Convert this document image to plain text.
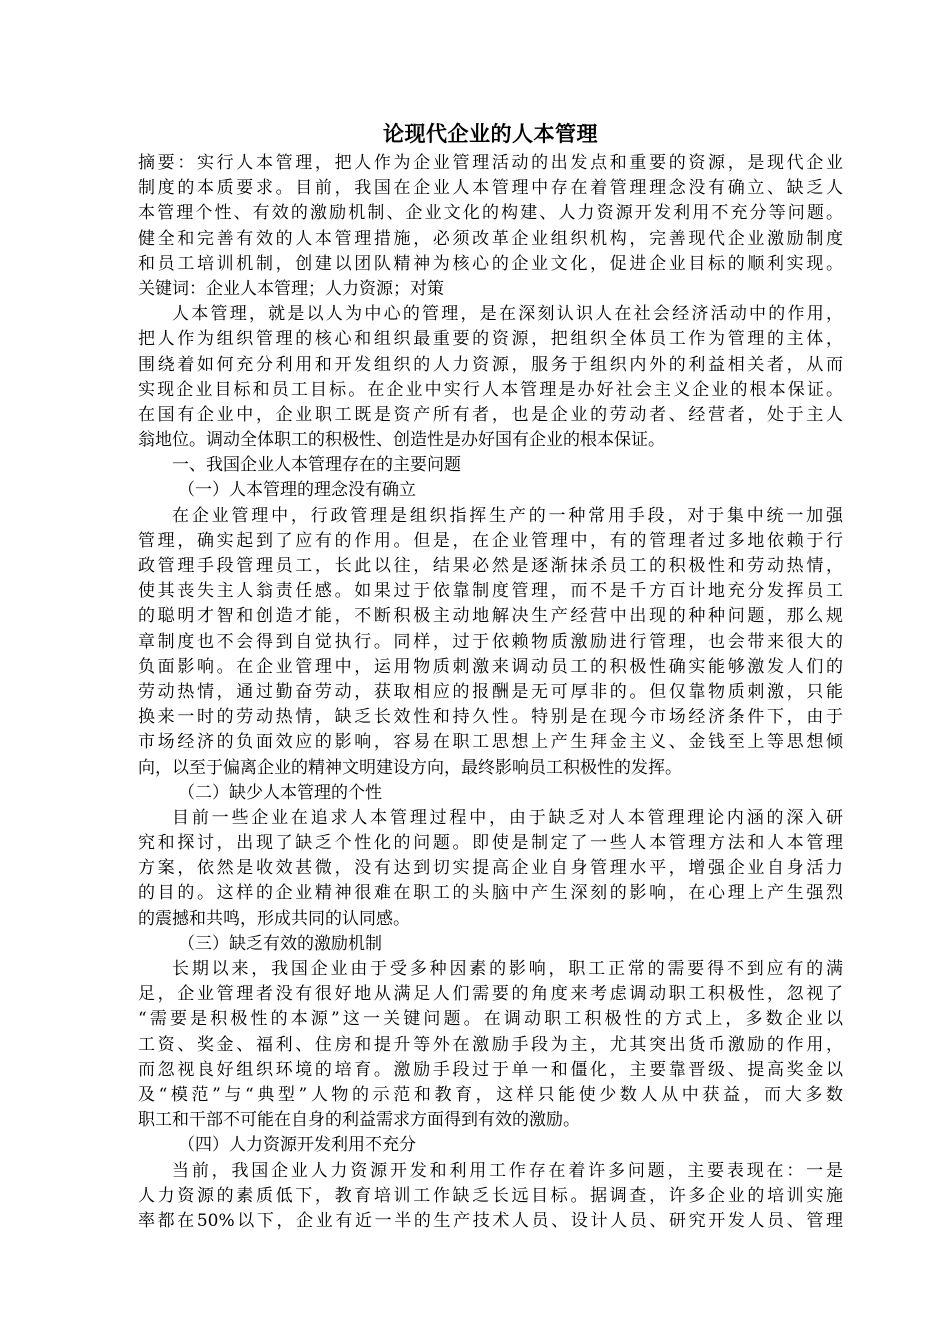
论现代企业的人本管理

摘要：实行人本管理，把人作为企业管理活动的出发点和重要的资源，是现代企业

制度的本质要求。目前，我国在企业人本管理中存在着管理理念没有确立、缺乏人

本管理个性、有效的激励机制、企业文化的构建、人力资源开发利用不充分等问题。

健全和完善有效的人本管理措施，必须改革企业组织机构，完善现代企业激励制度

和员工培训机制，创建以团队精神为核心的企业文化，促进企业目标的顺利实现。

关键词：企业人本管理；人力资源；对策

人本管理，就是以人为中心的管理，是在深刻认识人在社会经济活动中的作用，

把人作为组织管理的核心和组织最重要的资源，把组织全体员工作为管理的主体，

围绕着如何充分利用和开发组织的人力资源，服务于组织内外的利益相关者，从而

实现企业目标和员工目标。在企业中实行人本管理是办好社会主义企业的根本保证。

在国有企业中，企业职工既是资产所有者，也是企业的劳动者、经营者，处于主人

翁地位。调动全体职工的积极性、创造性是办好国有企业的根本保证。

一、我国企业人本管理存在的主要问题

（一）人本管理的理念没有确立

在企业管理中，行政管理是组织指挥生产的一种常用手段，对于集中统一加强

管理，确实起到了应有的作用。但是，在企业管理中，有的管理者过多地依赖于行

政管理手段管理员工，长此以往，结果必然是逐渐抹杀员工的积极性和劳动热情，

使其丧失主人翁责任感。如果过于依靠制度管理，而不是千方百计地充分发挥员工

的聪明才智和创造才能，不断积极主动地解决生产经营中出现的种种问题，那么规

章制度也不会得到自觉执行。同样，过于依赖物质激励进行管理，也会带来很大的

负面影响。在企业管理中，运用物质刺激来调动员工的积极性确实能够激发人们的

劳动热情，通过勤奋劳动，获取相应的报酬是无可厚非的。但仅靠物质刺激，只能

换来一时的劳动热情，缺乏长效性和持久性。特别是在现今市场经济条件下，由于

市场经济的负面效应的影响，容易在职工思想上产生拜金主义、金钱至上等思想倾

向，以至于偏离企业的精神文明建设方向，最终影响员工积极性的发挥。

（二）缺少人本管理的个性

目前一些企业在追求人本管理过程中，由于缺乏对人本管理理论内涵的深入研

究和探讨，出现了缺乏个性化的问题。即使是制定了一些人本管理方法和人本管理

方案，依然是收效甚微，没有达到切实提高企业自身管理水平，增强企业自身活力

的目的。这样的企业精神很难在职工的头脑中产生深刻的影响，在心理上产生强烈

的震撼和共鸣，形成共同的认同感。

（三）缺乏有效的激励机制

长期以来，我国企业由于受多种因素的影响，职工正常的需要得不到应有的满

足，企业管理者没有很好地从满足人们需要的角度来考虑调动职工积极性，忽视了

“需要是积极性的本源”这一关键问题。在调动职工积极性的方式上，多数企业以

工资、奖金、福利、住房和提升等外在激励手段为主，尤其突出货币激励的作用，

而忽视良好组织环境的培育。激励手段过于单一和僵化，主要靠晋级、提高奖金以

及“模范”与“典型”人物的示范和教育，这样只能使少数人从中获益，而大多数

职工和干部不可能在自身的利益需求方面得到有效的激励。

（四）人力资源开发利用不充分

当前，我国企业人力资源开发和利用工作存在着许多问题，主要表现在：一是

人力资源的素质低下，教育培训工作缺乏长远目标。据调查，许多企业的培训实施

率都在50%以下，企业有近一半的生产技术人员、设计人员、研究开发人员、管理
